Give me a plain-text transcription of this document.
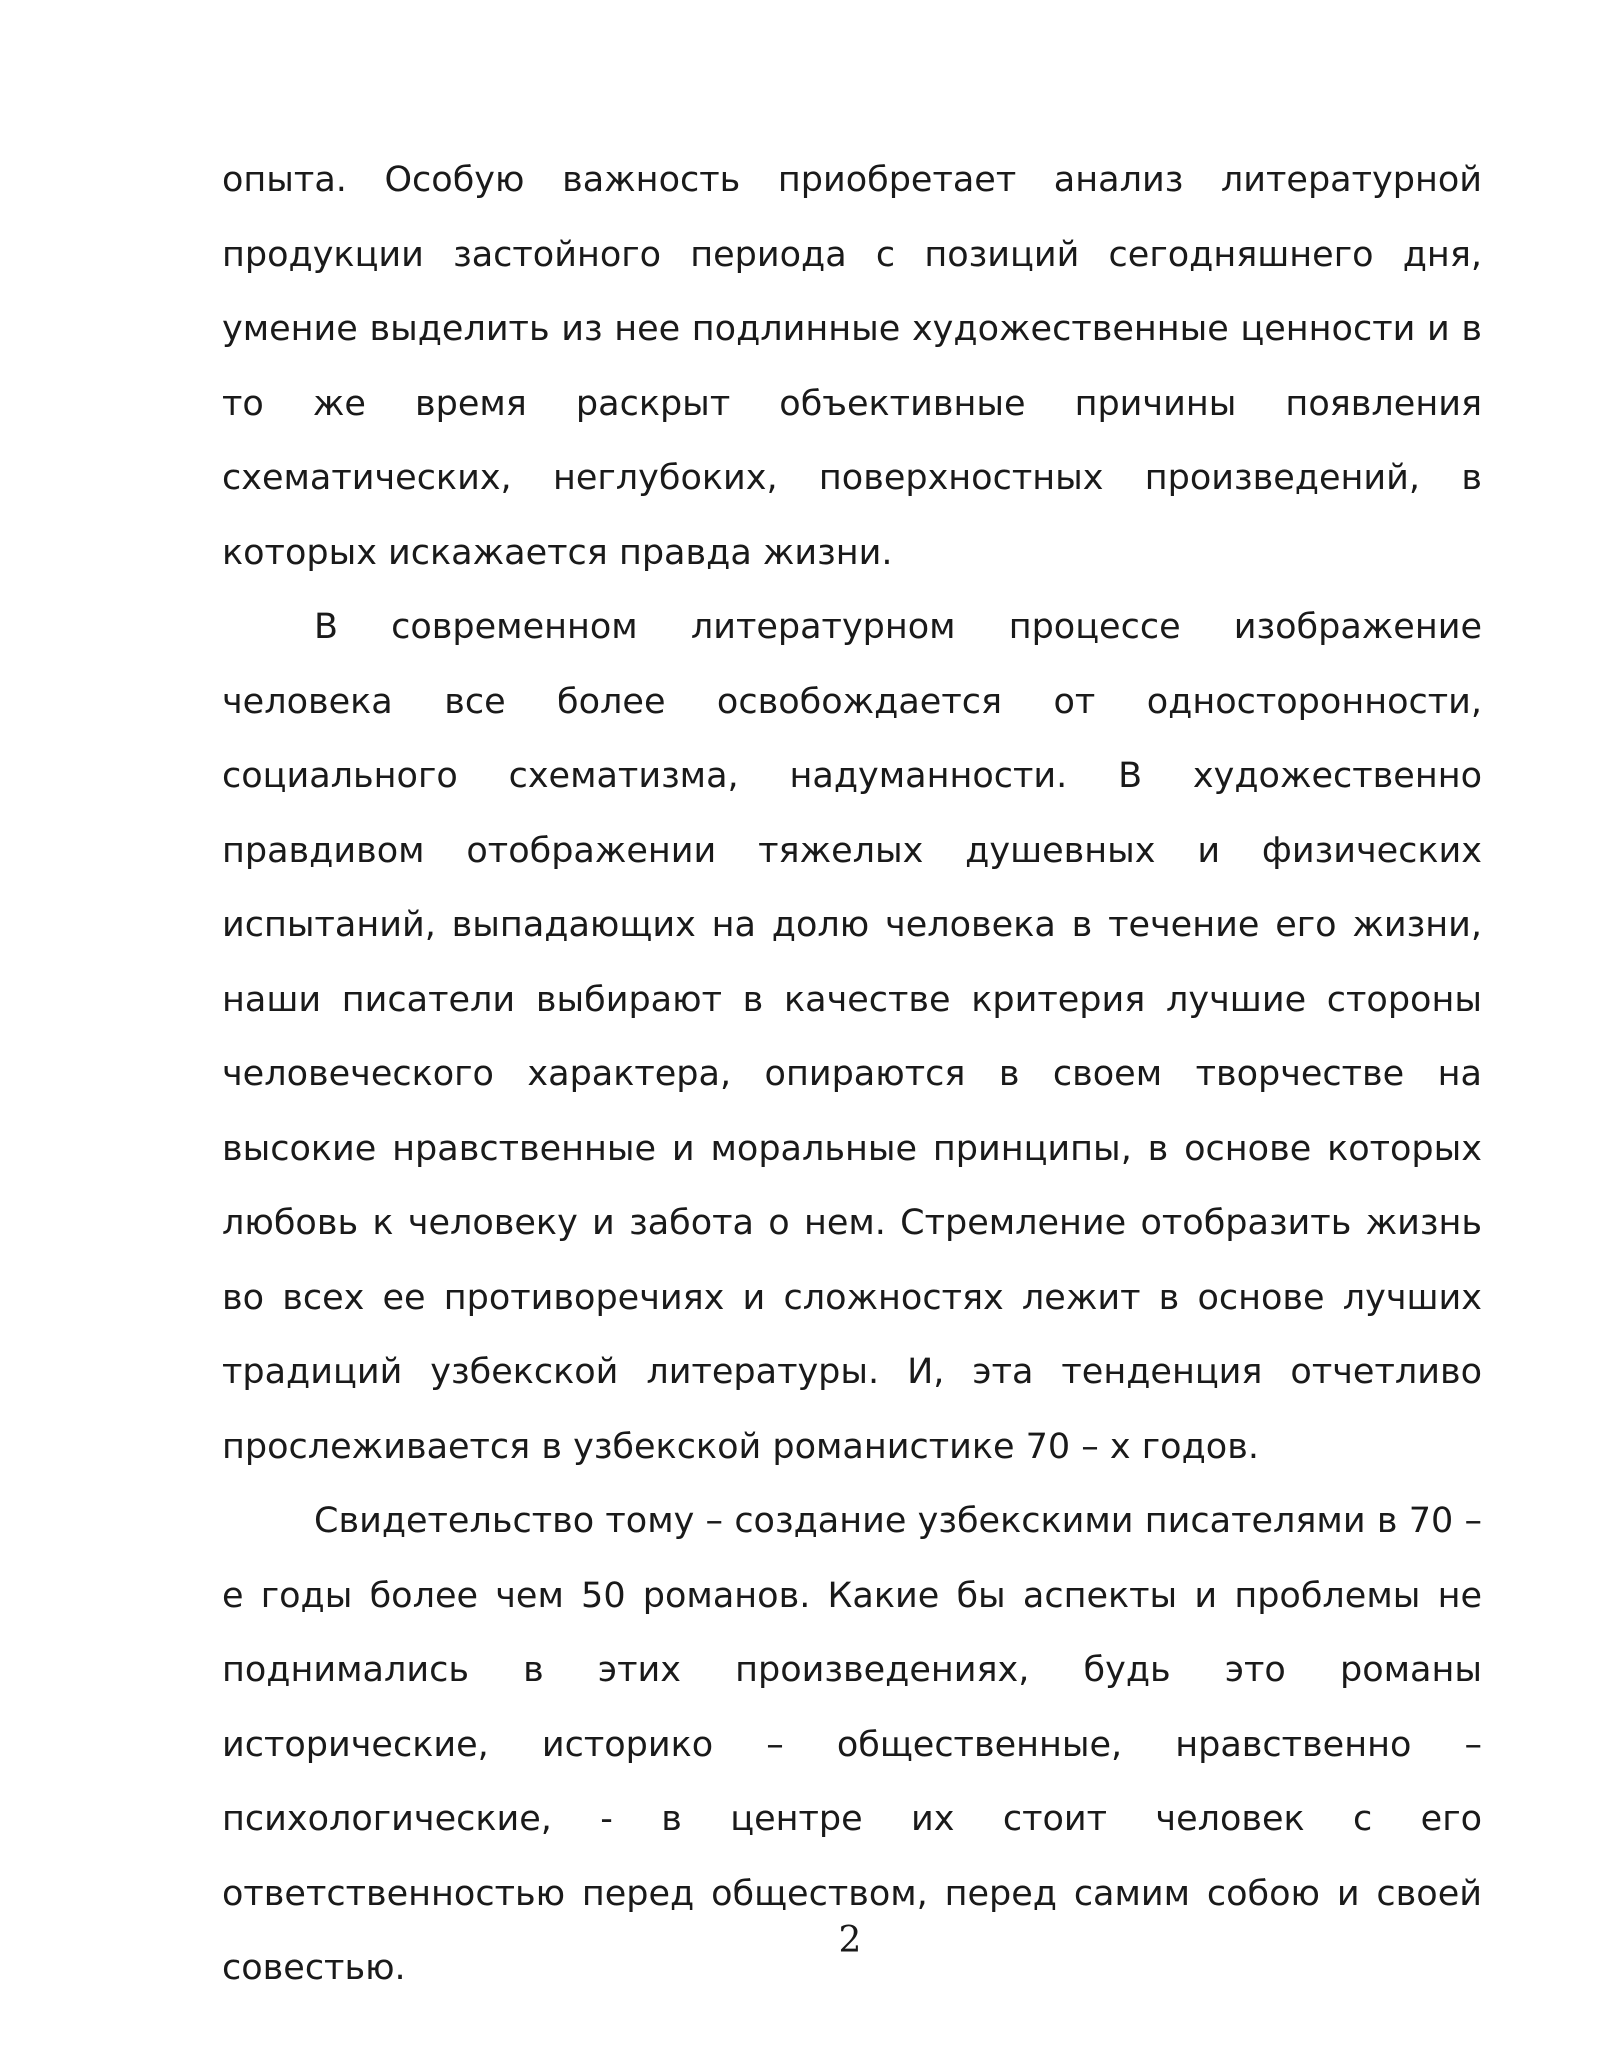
опыта. Особую важность приобретает анализ литературной продукции застойного периода с позиций сегодняшнего дня, умение выделить из нее подлинные художественные ценности и в то же время раскрыт объективные причины появления схематических, неглубоких, поверхностных произведений, в которых искажается правда жизни.

В современном литературном процессе изображение человека все более освобождается от односторонности, социального схематизма, надуманности. В художественно правдивом отображении тяжелых душевных и физических испытаний, выпадающих на долю человека в течение его жизни, наши писатели выбирают в качестве критерия лучшие стороны человеческого характера, опираются в своем творчестве на высокие нравственные и моральные принципы, в основе которых любовь к человеку и забота о нем. Стремление отобразить жизнь во всех ее противоречиях и сложностях лежит в основе лучших традиций узбекской литературы. И, эта тенденция отчетливо прослеживается в узбекской романистике 70 – х годов.

Свидетельство тому – создание узбекскими писателями в 70 – е годы более чем 50 романов. Какие бы аспекты и проблемы не поднимались в этих произведениях, будь это романы исторические, историко – общественные, нравственно – психологические, - в центре их стоит человек с его ответственностью перед обществом, перед самим собою и своей совестью.

2
